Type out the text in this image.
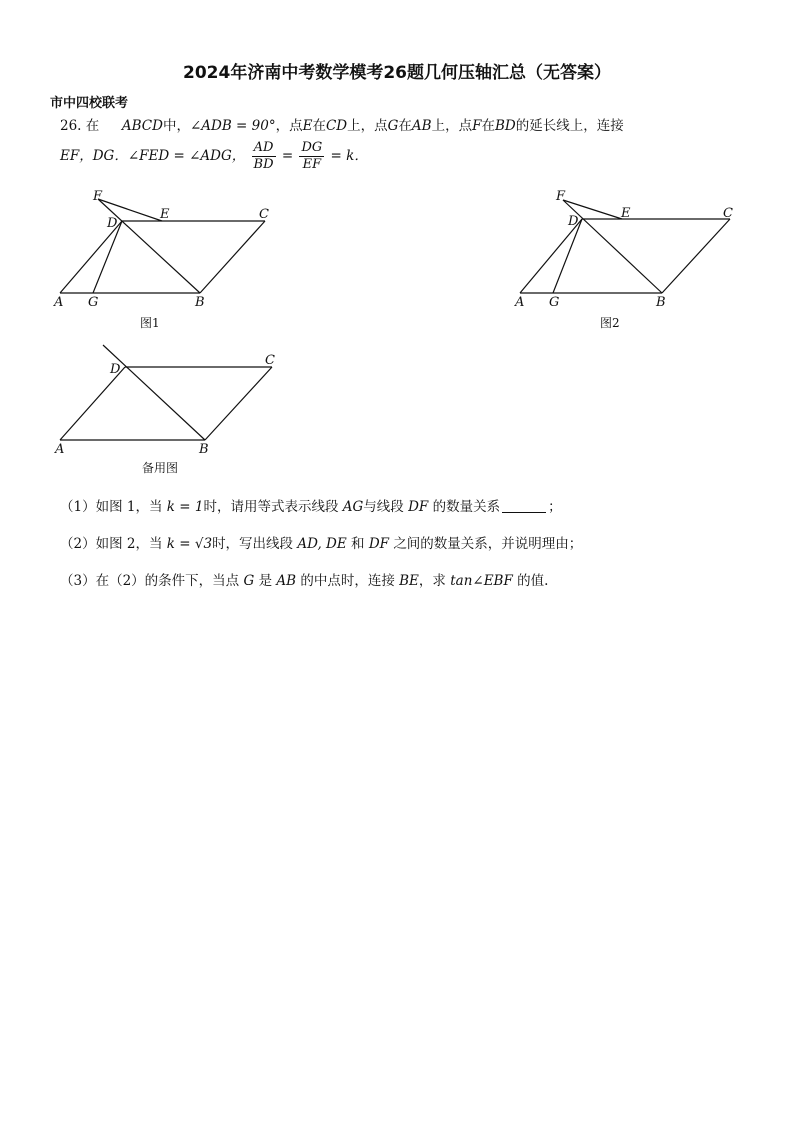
2024年济南中考数学模考26题几何压轴汇总（无答案）
市中四校联考
26. 在 ABCD中，∠ADB = 90°，点E在CD上，点G在AB上，点F在BD的延长线上，连接
EF，DG．∠FED = ∠ADG， $\frac{AD}{BD} = \frac{DG}{EF} = k$．
F
D
E	C
A G	B
图1
F
D
E	C
A G	B
图2
D
C
A	B
备用图
（1）如图 1，当 k = 1时，请用等式表示线段 AG与线段 DF 的数量关系	；
（2）如图 2，当 k = √3时，写出线段 AD, DE 和 DF 之间的数量关系，并说明理由；
（3）在（2）的条件下，当点 G 是 AB 的中点时，连接 BE，求 tan∠EBF 的值.
